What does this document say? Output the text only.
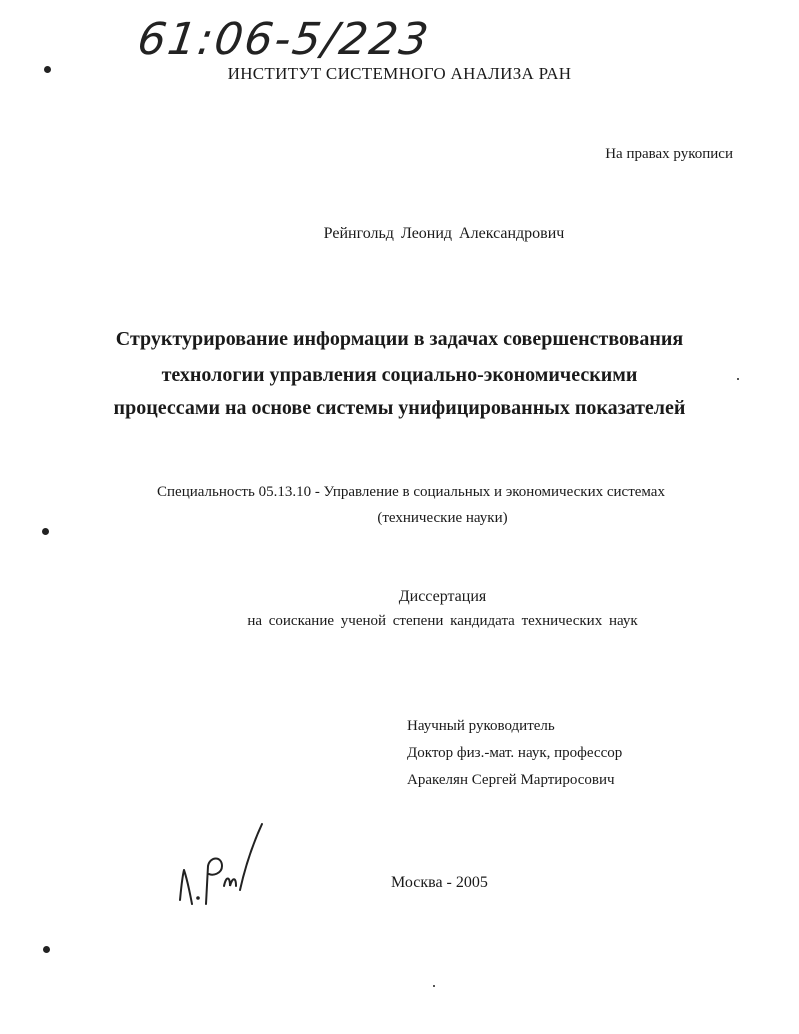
61:06-5/223
ИНСТИТУТ СИСТЕМНОГО АНАЛИЗА РАН
На правах рукописи
Рейнгольд Леонид Александрович
Структурирование информации в задачах совершенствования
технологии управления социально-экономическими
процессами на основе системы унифицированных показателей
Специальность 05.13.10 - Управление в социальных и экономических системах
(технические науки)
Диссертация
на соискание ученой степени кандидата технических наук
Научный руководитель
Доктор физ.-мат. наук, профессор
Аракелян Сергей Мартиросович
Москва - 2005
